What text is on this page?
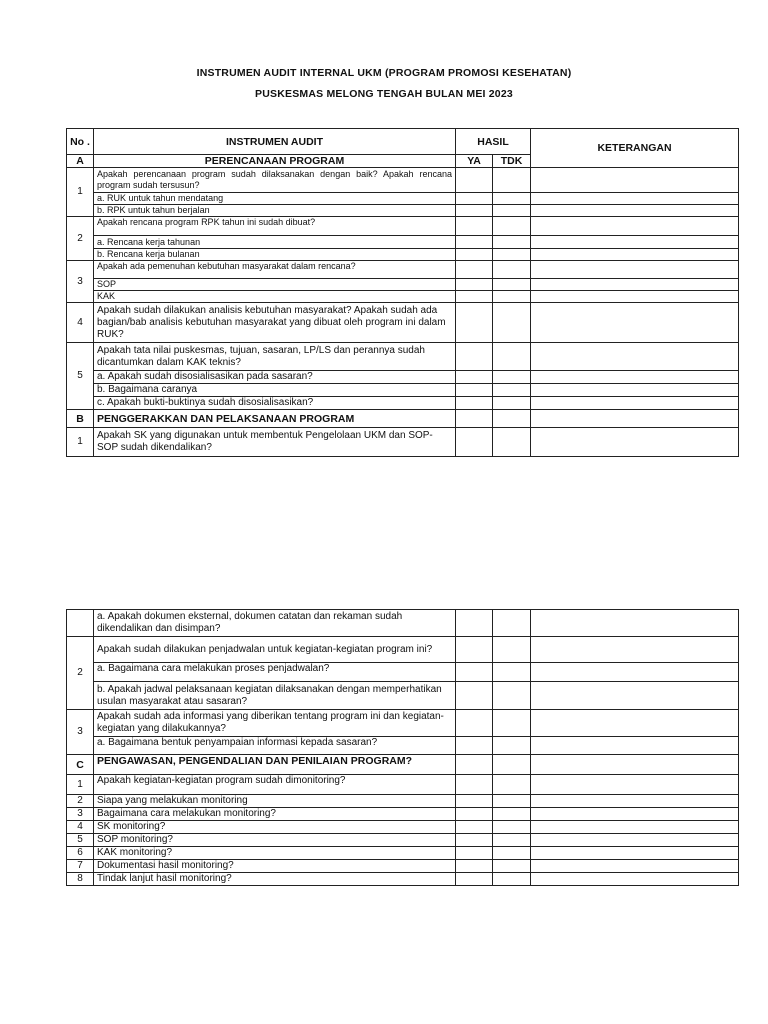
INSTRUMEN AUDIT INTERNAL UKM (PROGRAM PROMOSI KESEHATAN)
PUSKESMAS MELONG TENGAH BULAN MEI 2023
No .	INSTRUMEN AUDIT	HASIL		KETERANGAN
A	PERENCANAAN PROGRAM	YA	TDK	
1	Apakah perencanaan program sudah dilaksanakan dengan baik? Apakah rencana program sudah tersusun?			
	a. RUK untuk tahun mendatang			
	b. RPK untuk tahun berjalan			
2	Apakah rencana program RPK tahun ini sudah dibuat?			
	a. Rencana kerja tahunan			
	b. Rencana kerja bulanan			
3	Apakah ada pemenuhan kebutuhan masyarakat dalam rencana?			
	SOP			
	KAK			
4	Apakah sudah dilakukan analisis kebutuhan masyarakat? Apakah sudah ada bagian/bab analisis kebutuhan masyarakat yang dibuat oleh program ini dalam RUK?			
5	Apakah tata nilai puskesmas, tujuan, sasaran, LP/LS dan perannya sudah dicantumkan dalam KAK teknis?			
	a. Apakah sudah disosialisasikan pada sasaran?			
	b. Bagaimana caranya			
	c. Apakah bukti-buktinya sudah disosialisasikan?			
B	PENGGERAKKAN DAN PELAKSANAAN PROGRAM			
1	Apakah SK yang digunakan untuk membentuk Pengelolaan UKM dan SOP-SOP sudah dikendalikan?			
	a. Apakah dokumen eksternal, dokumen catatan dan rekaman sudah dikendalikan dan disimpan?			
2	Apakah sudah dilakukan penjadwalan untuk kegiatan-kegiatan program ini?			
	a. Bagaimana cara melakukan proses penjadwalan?			
	b. Apakah jadwal pelaksanaan kegiatan dilaksanakan dengan memperhatikan usulan masyarakat atau sasaran?			
3	Apakah sudah ada informasi yang diberikan tentang program ini dan kegiatan-kegiatan yang dilakukannya?			
	a. Bagaimana bentuk penyampaian informasi kepada sasaran?			
C	PENGAWASAN, PENGENDALIAN DAN PENILAIAN PROGRAM?			
1	Apakah kegiatan-kegiatan program sudah dimonitoring?			
2	Siapa yang melakukan monitoring			
3	Bagaimana cara melakukan monitoring?			
4	SK monitoring?			
5	SOP monitoring?			
6	KAK monitoring?			
7	Dokumentasi hasil monitoring?			
8	Tindak lanjut hasil monitoring?			
